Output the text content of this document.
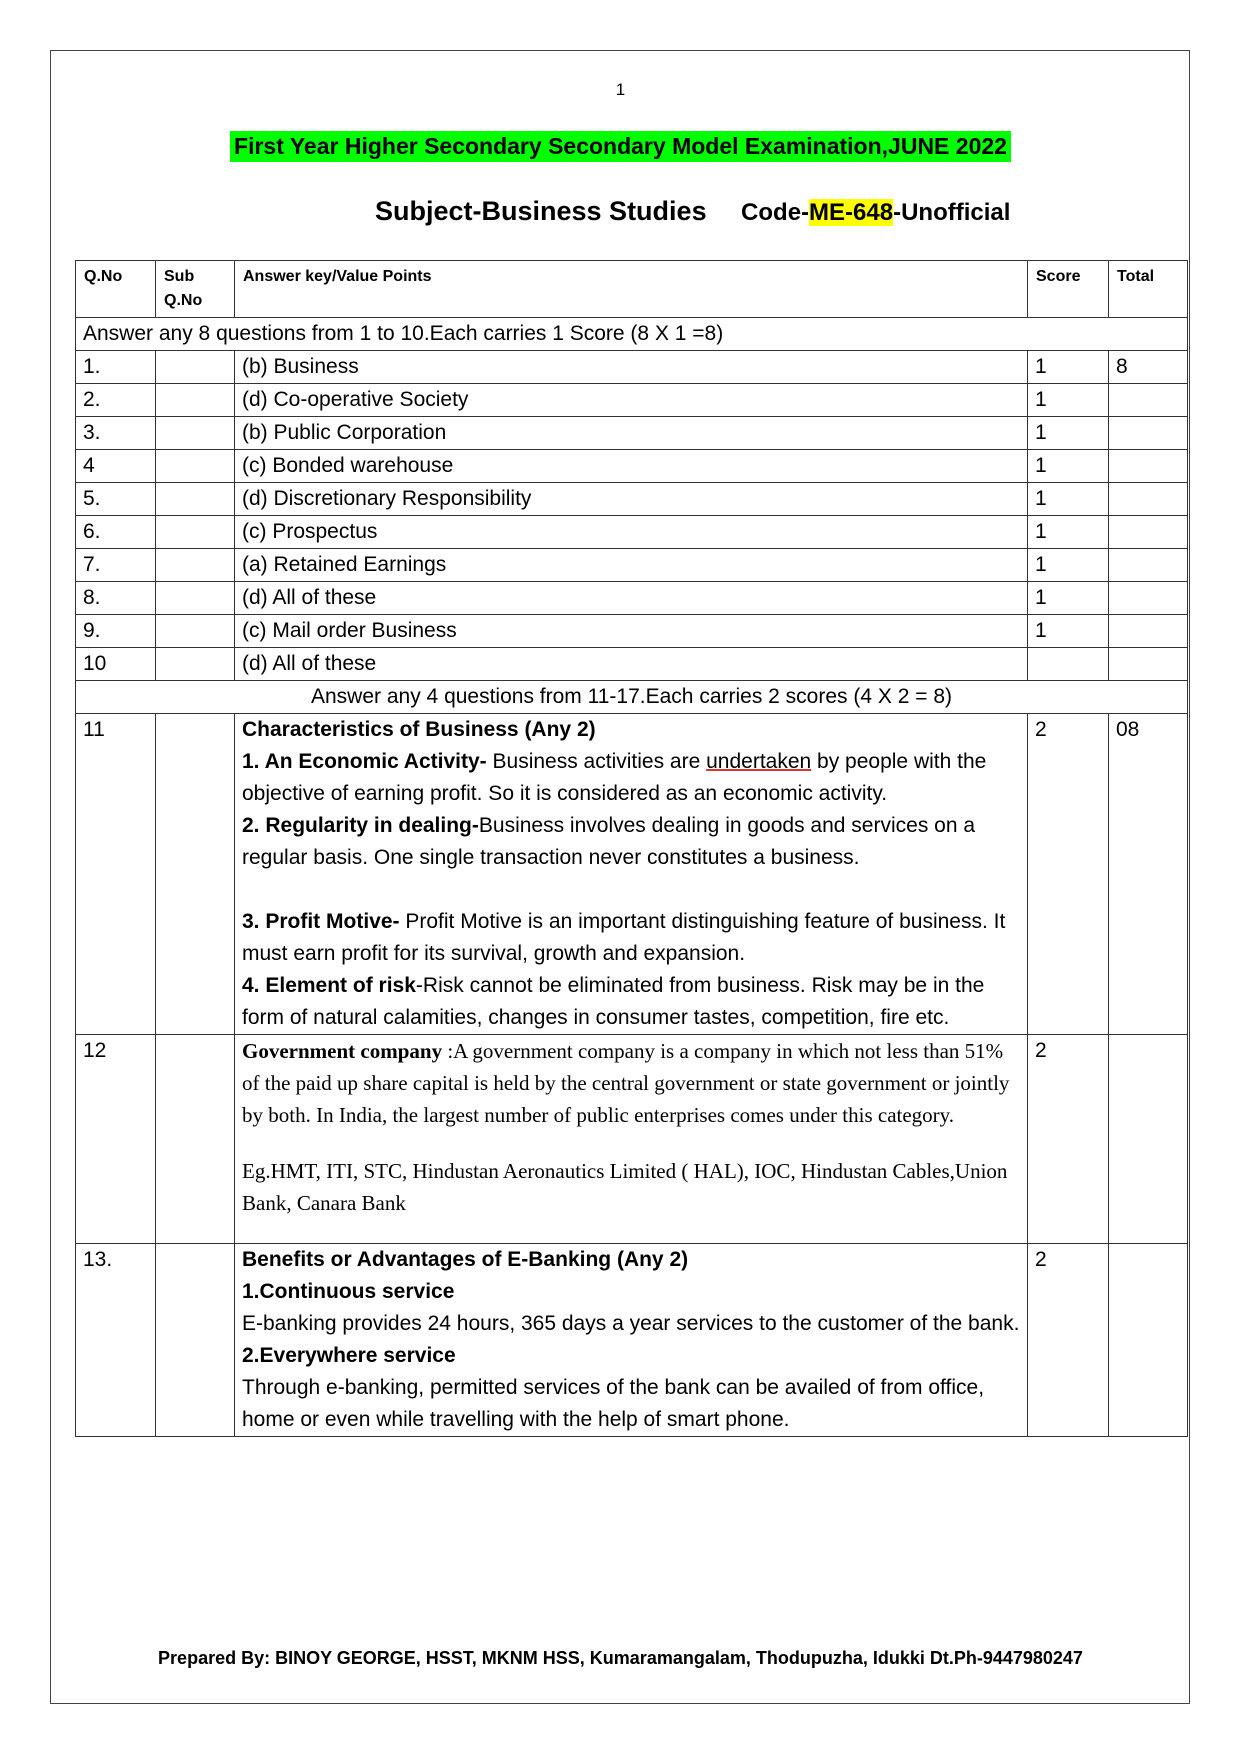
1
First Year Higher Secondary Secondary Model Examination,JUNE 2022
Subject-Business Studies Code-ME-648-Unofficial
Q.No	Sub Q.No	Answer key/Value Points	Score	Total
Answer any 8 questions from 1 to 10.Each carries 1 Score (8 X 1 =8)				
1.		(b) Business	1	8
2.		(d) Co-operative Society	1	
3.		(b) Public Corporation	1	
4		(c) Bonded warehouse	1	
5.		(d) Discretionary Responsibility	1	
6.		(c) Prospectus	1	
7.		(a) Retained Earnings	1	
8.		(d) All of these	1	
9.		(c) Mail order Business	1	
10		(d) All of these		
Answer any 4 questions from 11-17.Each carries 2 scores (4 X 2 = 8)				
11		Characteristics of Business (Any 2)

1. An Economic Activity- Business activities are undertaken by people with the objective of earning profit. So it is considered as an economic activity.

2. Regularity in dealing-Business involves dealing in goods and services on a regular basis. One single transaction never constitutes a business.

3. Profit Motive- Profit Motive is an important distinguishing feature of business. It must earn profit for its survival, growth and expansion.

4. Element of risk-Risk cannot be eliminated from business. Risk may be in the form of natural calamities, changes in consumer tastes, competition, fire etc.	2	08
12		Government company :A government company is a company in which not less than 51% of the paid up share capital is held by the central government or state government or jointly by both. In India, the largest number of public enterprises comes under this category.

Eg.HMT, ITI, STC, Hindustan Aeronautics Limited ( HAL), IOC, Hindustan Cables,Union Bank, Canara Bank	2	
13.		Benefits or Advantages of E-Banking (Any 2)

1.Continuous service

E-banking provides 24 hours, 365 days a year services to the customer of the bank.

2.Everywhere service

Through e-banking, permitted services of the bank can be availed of from office, home or even while travelling with the help of smart phone.	2	
Prepared By: BINOY GEORGE, HSST, MKNM HSS, Kumaramangalam, Thodupuzha, Idukki Dt.Ph-9447980247
